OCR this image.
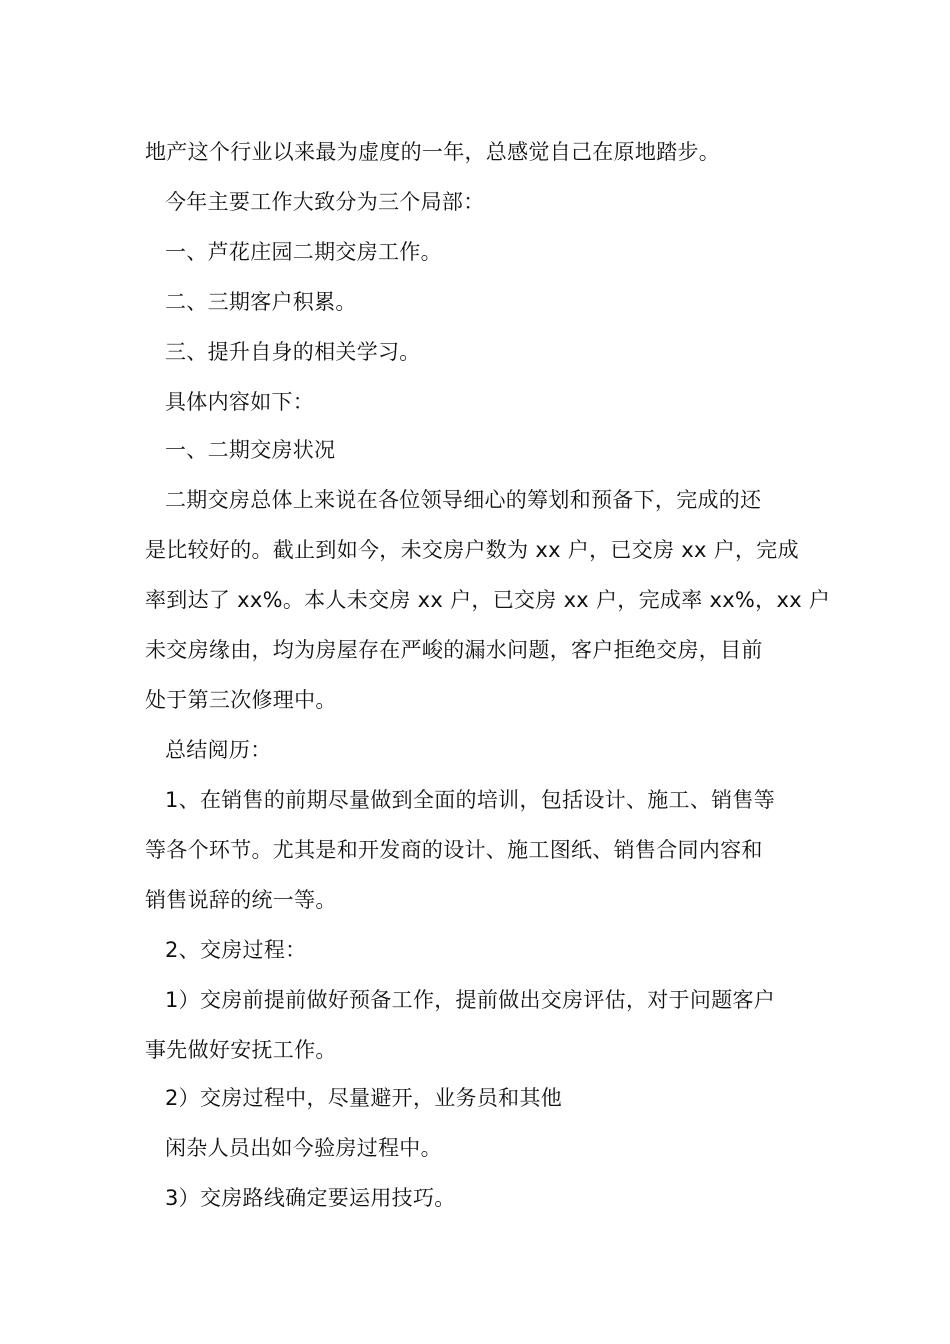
地产这个行业以来最为虚度的一年，总感觉自己在原地踏步。
今年主要工作大致分为三个局部：
一、芦花庄园二期交房工作。
二、三期客户积累。
三、提升自身的相关学习。
具体内容如下：
一、二期交房状况
二期交房总体上来说在各位领导细心的筹划和预备下，完成的还
是比较好的。截止到如今，未交房户数为 xx 户，已交房 xx 户，完成
率到达了 xx%。本人未交房 xx 户，已交房 xx 户，完成率 xx%，xx 户
未交房缘由，均为房屋存在严峻的漏水问题，客户拒绝交房，目前
处于第三次修理中。
总结阅历：
1、在销售的前期尽量做到全面的培训，包括设计、施工、销售等
等各个环节。尤其是和开发商的设计、施工图纸、销售合同内容和
销售说辞的统一等。
2、交房过程：
1）交房前提前做好预备工作，提前做出交房评估，对于问题客户
事先做好安抚工作。
2）交房过程中，尽量避开，业务员和其他
闲杂人员出如今验房过程中。
3）交房路线确定要运用技巧。
